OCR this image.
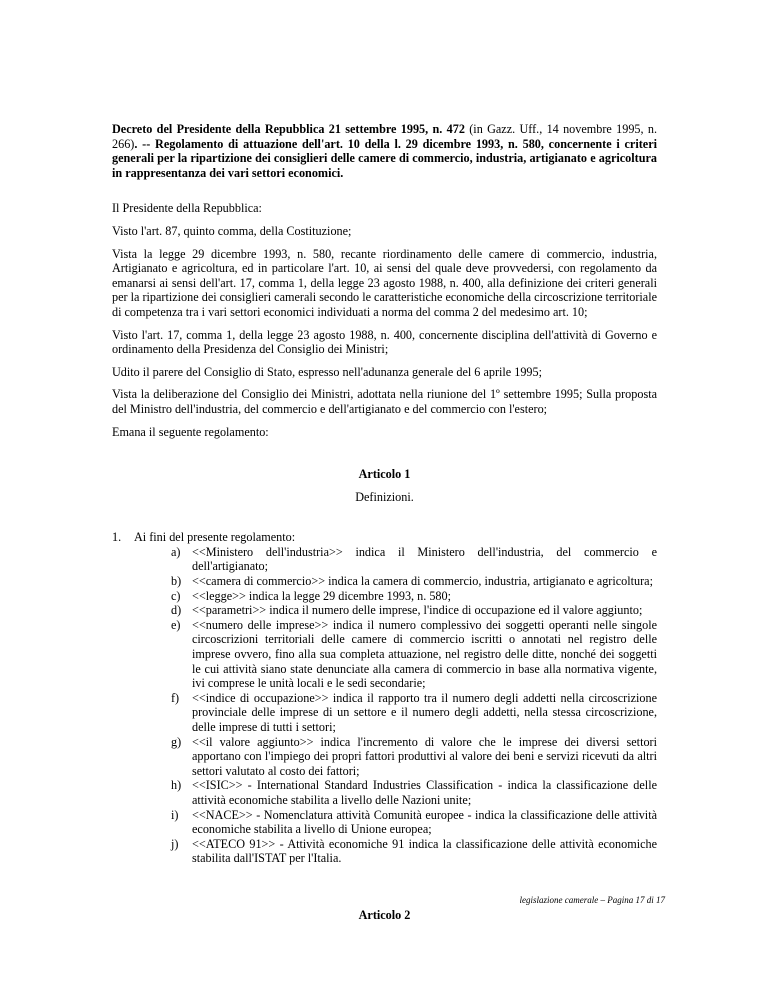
Decreto del Presidente della Repubblica 21 settembre 1995, n. 472 (in Gazz. Uff., 14 novembre 1995, n. 266). -- Regolamento di attuazione dell'art. 10 della l. 29 dicembre 1993, n. 580, concernente i criteri generali per la ripartizione dei consiglieri delle camere di commercio, industria, artigianato e agricoltura in rappresentanza dei vari settori economici.

Il Presidente della Repubblica:

Visto l'art. 87, quinto comma, della Costituzione;

Vista la legge 29 dicembre 1993, n. 580, recante riordinamento delle camere di commercio, industria, Artigianato e agricoltura, ed in particolare l'art. 10, ai sensi del quale deve provvedersi, con regolamento da emanarsi ai sensi dell'art. 17, comma 1, della legge 23 agosto 1988, n. 400, alla definizione dei criteri generali per la ripartizione dei consiglieri camerali secondo le caratteristiche economiche della circoscrizione territoriale di competenza tra i vari settori economici individuati a norma del comma 2 del medesimo art. 10;

Visto l'art. 17, comma 1, della legge 23 agosto 1988, n. 400, concernente disciplina dell'attività di Governo e ordinamento della Presidenza del Consiglio dei Ministri;

Udito il parere del Consiglio di Stato, espresso nell'adunanza generale del 6 aprile 1995;

Vista la deliberazione del Consiglio dei Ministri, adottata nella riunione del 1º settembre 1995; Sulla proposta del Ministro dell'industria, del commercio e dell'artigianato e del commercio con l'estero;

Emana il seguente regolamento:

Articolo 1
Definizioni.
1. Ai fini del presente regolamento:
a) <<Ministero dell'industria>> indica il Ministero dell'industria, del commercio e dell'artigianato;
b) <<camera di commercio>> indica la camera di commercio, industria, artigianato e agricoltura;
c) <<legge>> indica la legge 29 dicembre 1993, n. 580;
d) <<parametri>> indica il numero delle imprese, l'indice di occupazione ed il valore aggiunto;
e) <<numero delle imprese>> indica il numero complessivo dei soggetti operanti nelle singole circoscrizioni territoriali delle camere di commercio iscritti o annotati nel registro delle imprese ovvero, fino alla sua completa attuazione, nel registro delle ditte, nonché dei soggetti le cui attività siano state denunciate alla camera di commercio in base alla normativa vigente, ivi comprese le unità locali e le sedi secondarie;
f) <<indice di occupazione>> indica il rapporto tra il numero degli addetti nella circoscrizione provinciale delle imprese di un settore e il numero degli addetti, nella stessa circoscrizione, delle imprese di tutti i settori;
g) <<il valore aggiunto>> indica l'incremento di valore che le imprese dei diversi settori apportano con l'impiego dei propri fattori produttivi al valore dei beni e servizi ricevuti da altri settori valutato al costo dei fattori;
h) <<ISIC>> - International Standard Industries Classification - indica la classificazione delle attività economiche stabilita a livello delle Nazioni unite;
i) <<NACE>> - Nomenclatura attività Comunità europee - indica la classificazione delle attività economiche stabilita a livello di Unione europea;
j) <<ATECO 91>> - Attività economiche 91 indica la classificazione delle attività economiche stabilita dall'ISTAT per l'Italia.
Articolo 2
legislazione camerale – Pagina 17 di 17
